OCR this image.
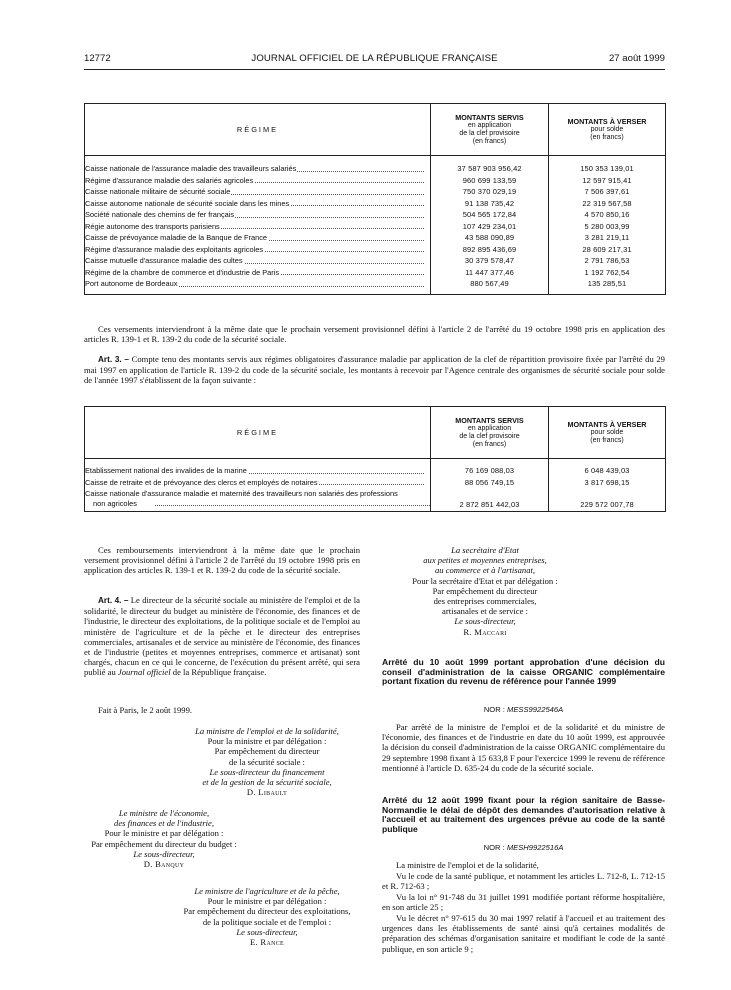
12772	JOURNAL OFFICIEL DE LA RÉPUBLIQUE FRANÇAISE	27 août 1999
RÉGIME	MONTANTS SERVIS
en application
de la clef provisoire
(en francs)	MONTANTS À VERSER
pour solde
(en francs)

Caisse nationale de l'assurance maladie des travailleurs salariés	37 587 903 956,42	150 353 139,01
Régime d'assurance maladie des salariés agricoles	960 699 133,59	12 597 915,41
Caisse nationale militaire de sécurité sociale	750 370 029,19	7 506 397,61
Caisse autonome nationale de sécurité sociale dans les mines	91 138 735,42	22 319 567,58
Société nationale des chemins de fer français	504 565 172,84	4 570 850,16
Régie autonome des transports parisiens	107 429 234,01	5 280 003,99
Caisse de prévoyance maladie de la Banque de France	43 588 090,89	3 281 219,11
Régime d'assurance maladie des exploitants agricoles	892 895 436,69	28 609 217,31
Caisse mutuelle d'assurance maladie des cultes	30 379 578,47	2 791 786,53
Régime de la chambre de commerce et d'industrie de Paris	11 447 377,46	1 192 762,54
Port autonome de Bordeaux	880 567,49	135 285,51

Ces versements interviendront à la même date que le prochain versement provisionnel défini à l'article 2 de l'arrêté du 19 octobre 1998 pris en application des articles R. 139-1 et R. 139-2 du code de la sécurité sociale.
Art. 3. – Compte tenu des montants servis aux régimes obligatoires d'assurance maladie par application de la clef de répartition provisoire fixée par l'arrêté du 29 mai 1997 en application de l'article R. 139-2 du code de la sécurité sociale, les montants à recevoir par l'Agence centrale des organismes de sécurité sociale pour solde de l'année 1997 s'établissent de la façon suivante :
RÉGIME	MONTANTS SERVIS
en application
de la clef provisoire
(en francs)	MONTANTS À VERSER
pour solde
(en francs)

Etablissement national des invalides de la marine	76 169 088,03	6 048 439,03
Caisse de retraite et de prévoyance des clercs et employés de notaires	88 056 749,15	3 817 698,15

Caisse nationale d'assurance maladie et maternité des travailleurs non salariés des professions
non agricoles	2 872 851 442,03	229 572 007,78
Ces remboursements interviendront à la même date que le prochain versement provisionnel défini à l'article 2 de l'arrêté du 19 octobre 1998 pris en application des articles R. 139-1 et R. 139-2 du code de la sécurité sociale.
Art. 4. – Le directeur de la sécurité sociale au ministère de l'emploi et de la solidarité, le directeur du budget au ministère de l'économie, des finances et de l'industrie, le directeur des exploitations, de la politique sociale et de l'emploi au ministère de l'agriculture et de la pêche et le directeur des entreprises commerciales, artisanales et de service au ministère de l'économie, des finances et de l'industrie (petites et moyennes entreprises, commerce et artisanat) sont chargés, chacun en ce qui le concerne, de l'exécution du présent arrêté, qui sera publié au Journal officiel de la République française.
Fait à Paris, le 2 août 1999.
La ministre de l'emploi et de la solidarité,
Pour la ministre et par délégation :
Par empêchement du directeur
de la sécurité sociale :
Le sous-directeur du financement
et de la gestion de la sécurité sociale,
D. Libault
Le ministre de l'économie,
des finances et de l'industrie,
Pour le ministre et par délégation :
Par empêchement du directeur du budget :
Le sous-directeur,
D. Banquy
Le ministre de l'agriculture et de la pêche,
Pour le ministre et par délégation :
Par empêchement du directeur des exploitations,
de la politique sociale et de l'emploi :
Le sous-directeur,
E. Rance
La secrétaire d'Etat
aux petites et moyennes entreprises,
au commerce et à l'artisanat,
Pour la secrétaire d'Etat et par délégation :
Par empêchement du directeur
des entreprises commerciales,
artisanales et de service :
Le sous-directeur,
R. Maccari
Arrêté du 10 août 1999 portant approbation d'une décision du conseil d'administration de la caisse ORGANIC complémentaire portant fixation du revenu de référence pour l'année 1999
NOR : MESS9922546A
Par arrêté de la ministre de l'emploi et de la solidarité et du ministre de l'économie, des finances et de l'industrie en date du 10 août 1999, est approuvée la décision du conseil d'administration de la caisse ORGANIC complémentaire du 29 septembre 1998 fixant à 15 633,8 F pour l'exercice 1999 le revenu de référence mentionné à l'article D. 635-24 du code de la sécurité sociale.
Arrêté du 12 août 1999 fixant pour la région sanitaire de Basse-Normandie le délai de dépôt des demandes d'autorisation relative à l'accueil et au traitement des urgences prévue au code de la santé publique
NOR : MESH9922516A
La ministre de l'emploi et de la solidarité,
Vu le code de la santé publique, et notamment les articles L. 712-8, L. 712-15 et R. 712-63 ;
Vu la loi n° 91-748 du 31 juillet 1991 modifiée portant réforme hospitalière, en son article 25 ;
Vu le décret n° 97-615 du 30 mai 1997 relatif à l'accueil et au traitement des urgences dans les établissements de santé ainsi qu'à certaines modalités de préparation des schémas d'organisation sanitaire et modifiant le code de la santé publique, en son article 9 ;
